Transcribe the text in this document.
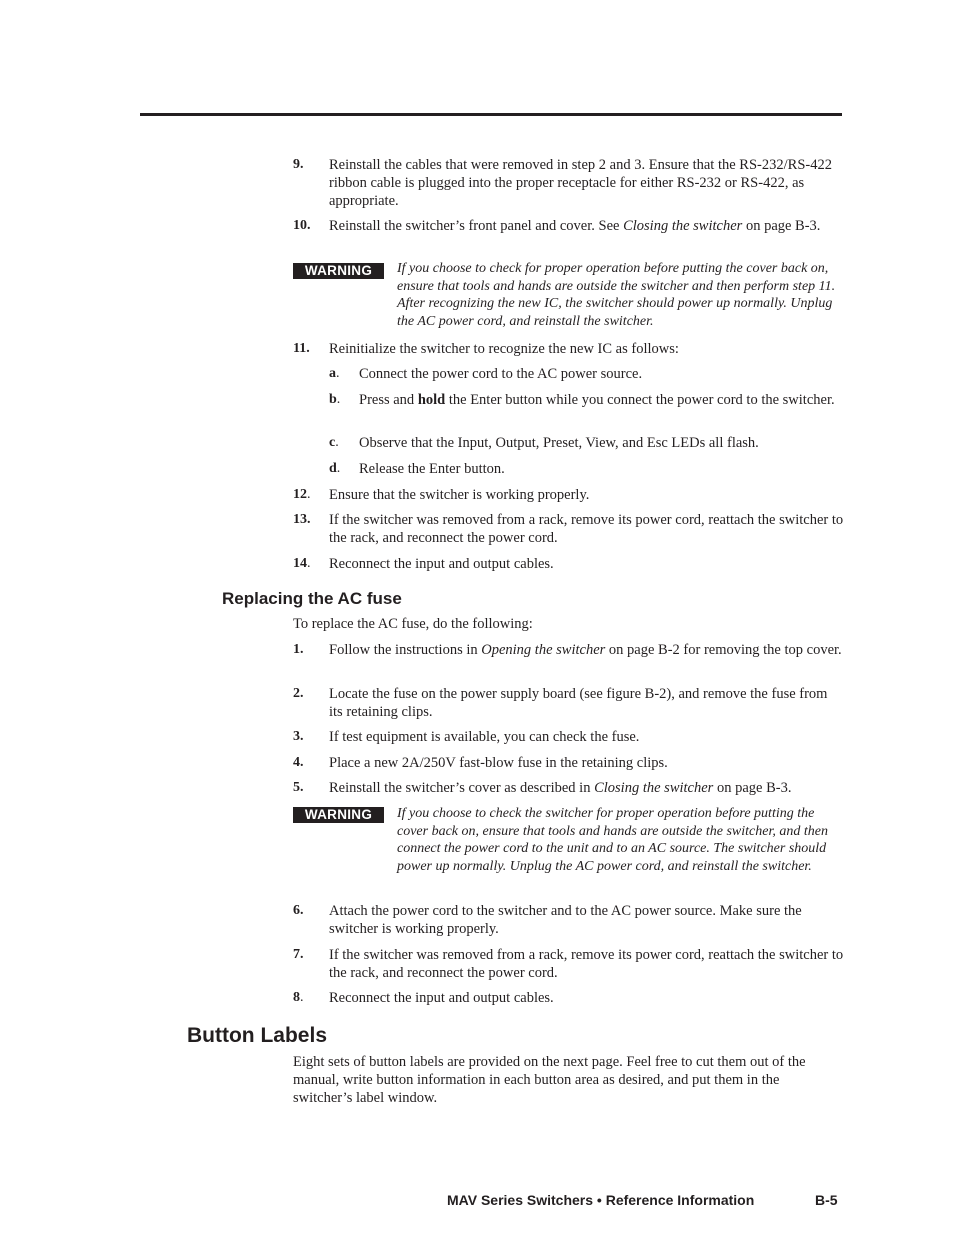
9. Reinstall the cables that were removed in step 2 and 3. Ensure that the RS-232/RS-422 ribbon cable is plugged into the proper receptacle for either RS-232 or RS-422, as appropriate.
10. Reinstall the switcher’s front panel and cover. See Closing the switcher on page B-3.
WARNING	If you choose to check for proper operation before putting the cover back on, ensure that tools and hands are outside the switcher and then perform step 11. After recognizing the new IC, the switcher should power up normally. Unplug the AC power cord, and reinstall the switcher.
11. Reinitialize the switcher to recognize the new IC as follows:
a. Connect the power cord to the AC power source.
b. Press and hold the Enter button while you connect the power cord to the switcher.
c. Observe that the Input, Output, Preset, View, and Esc LEDs all flash.
d. Release the Enter button.
12. Ensure that the switcher is working properly.
13. If the switcher was removed from a rack, remove its power cord, reattach the switcher to the rack, and reconnect the power cord.
14. Reconnect the input and output cables.
Replacing the AC fuse
To replace the AC fuse, do the following:
1. Follow the instructions in Opening the switcher on page B-2 for removing the top cover.
2. Locate the fuse on the power supply board (see figure B-2), and remove the fuse from its retaining clips.
3. If test equipment is available, you can check the fuse.
4. Place a new 2A/250V fast-blow fuse in the retaining clips.
5. Reinstall the switcher’s cover as described in Closing the switcher on page B-3.
WARNING	If you choose to check the switcher for proper operation before putting the cover back on, ensure that tools and hands are outside the switcher, and then connect the power cord to the unit and to an AC source. The switcher should power up normally. Unplug the AC power cord, and reinstall the switcher.
6. Attach the power cord to the switcher and to the AC power source. Make sure the switcher is working properly.
7. If the switcher was removed from a rack, remove its power cord, reattach the switcher to the rack, and reconnect the power cord.
8. Reconnect the input and output cables.
Button Labels
Eight sets of button labels are provided on the next page. Feel free to cut them out of the manual, write button information in each button area as desired, and put them in the switcher’s label window.
MAV Series Switchers • Reference Information	B-5
